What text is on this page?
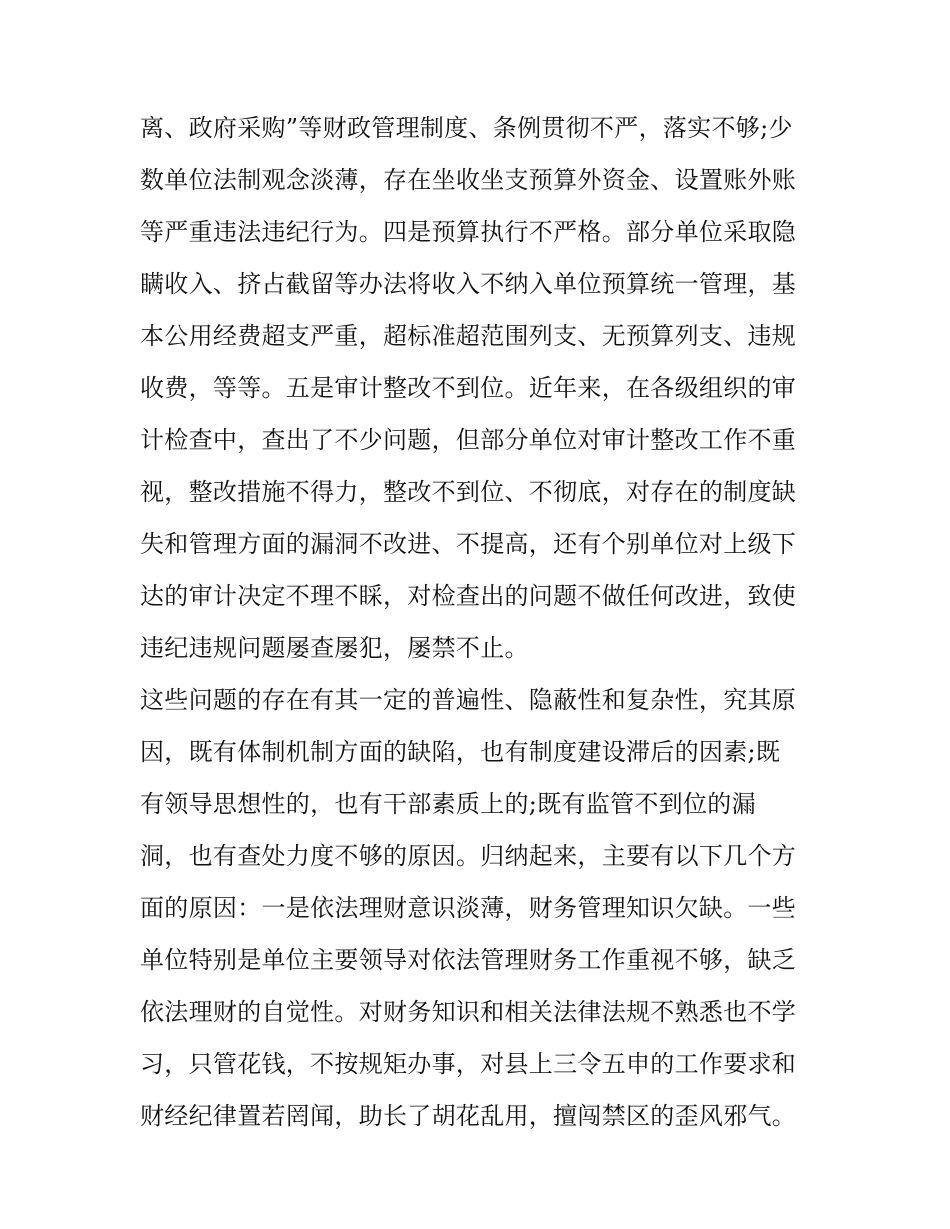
离、政府采购”等财政管理制度、条例贯彻不严，落实不够;少
数单位法制观念淡薄，存在坐收坐支预算外资金、设置账外账
等严重违法违纪行为。四是预算执行不严格。部分单位采取隐
瞒收入、挤占截留等办法将收入不纳入单位预算统一管理，基
本公用经费超支严重，超标准超范围列支、无预算列支、违规
收费，等等。五是审计整改不到位。近年来，在各级组织的审
计检查中，查出了不少问题，但部分单位对审计整改工作不重
视，整改措施不得力，整改不到位、不彻底，对存在的制度缺
失和管理方面的漏洞不改进、不提高，还有个别单位对上级下
达的审计决定不理不睬，对检查出的问题不做任何改进，致使
违纪违规问题屡查屡犯，屡禁不止。
这些问题的存在有其一定的普遍性、隐蔽性和复杂性，究其原
因，既有体制机制方面的缺陷，也有制度建设滞后的因素;既
有领导思想性的，也有干部素质上的;既有监管不到位的漏
洞，也有查处力度不够的原因。归纳起来，主要有以下几个方
面的原因：一是依法理财意识淡薄，财务管理知识欠缺。一些
单位特别是单位主要领导对依法管理财务工作重视不够，缺乏
依法理财的自觉性。对财务知识和相关法律法规不熟悉也不学
习，只管花钱，不按规矩办事，对县上三令五申的工作要求和
财经纪律置若罔闻，助长了胡花乱用，擅闯禁区的歪风邪气。
